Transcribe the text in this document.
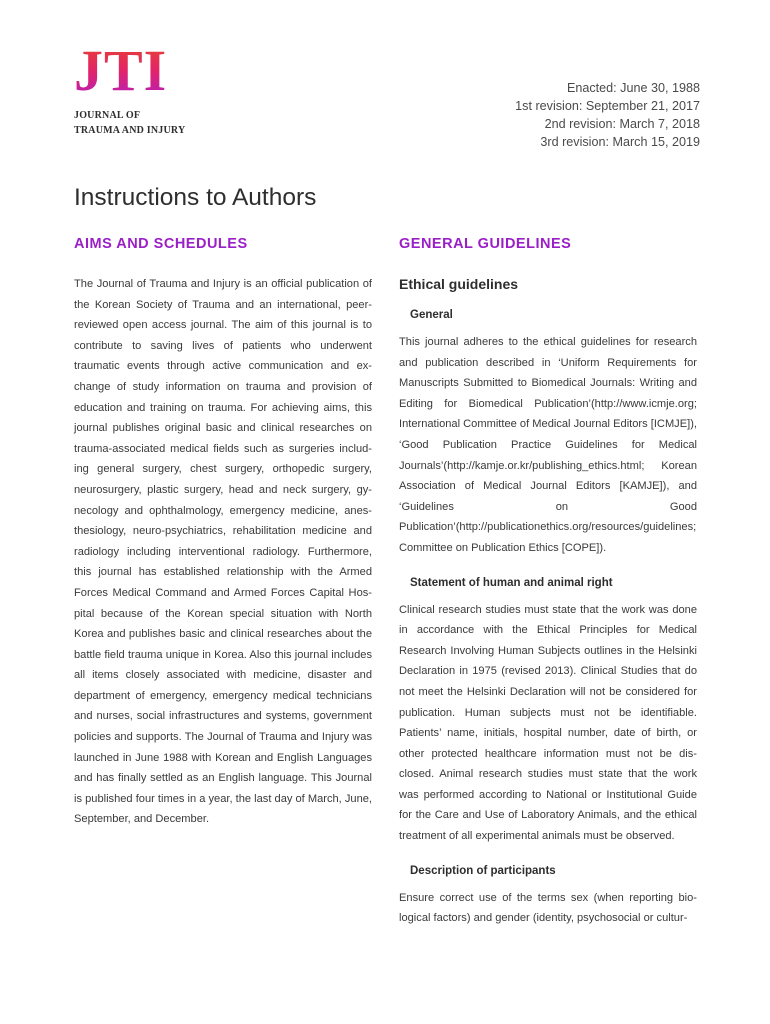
JTI
JOURNAL OF
TRAUMA AND INJURY
Enacted: June 30, 1988
1st revision: September 21, 2017
2nd revision: March 7, 2018
3rd revision: March 15, 2019
Instructions to Authors
AIMS AND SCHEDULES

The Journal of Trauma and Injury is an official publication of the Korean Society of Trauma and an international, peer-reviewed open access journal. The aim of this journal is to contribute to saving lives of patients who underwent traumatic events through active communication and exchange of study information on trauma and provision of education and training on trauma. For achieving aims, this journal publishes original basic and clinical researches on trauma-associated medical fields such as surgeries including general surgery, chest surgery, orthopedic surgery, neurosurgery, plastic surgery, head and neck surgery, gynecology and ophthalmology, emergency medicine, anesthesiology, neuro-psychiatrics, rehabilitation medicine and radiology including interventional radiology. Furthermore, this journal has established relationship with the Armed Forces Medical Command and Armed Forces Capital Hospital because of the Korean special situation with North Korea and publishes basic and clinical researches about the battle field trauma unique in Korea. Also this journal includes all items closely associated with medicine, disaster and department of emergency, emergency medical technicians and nurses, social infrastructures and systems, government policies and supports. The Journal of Trauma and Injury was launched in June 1988 with Korean and English Languages and has finally settled as an English language. This Journal is published four times in a year, the last day of March, June, September, and December.

GENERAL GUIDELINES
Ethical guidelines
General

This journal adheres to the ethical guidelines for research and publication described in ‘Uniform Requirements for Manuscripts Submitted to Biomedical Journals: Writing and Editing for Biomedical Publication’(http://www.icmje.org; International Committee of Medical Journal Editors [ICMJE]), ‘Good Publication Practice Guidelines for Medical Journals’(http://kamje.or.kr/publishing_ethics.html; Korean Association of Medical Journal Editors [KAMJE]), and ‘Guidelines on Good Publication’(http://publicationethics.org/resources/guidelines; Committee on Publication Ethics [COPE]).

Statement of human and animal right

Clinical research studies must state that the work was done in accordance with the Ethical Principles for Medical Research Involving Human Subjects outlines in the Helsinki Declaration in 1975 (revised 2013). Clinical Studies that do not meet the Helsinki Declaration will not be considered for publication. Human subjects must not be identifiable. Patients’ name, initials, hospital number, date of birth, or other protected healthcare information must not be disclosed. Animal research studies must state that the work was performed according to National or Institutional Guide for the Care and Use of Laboratory Animals, and the ethical treatment of all experimental animals must be observed.

Description of participants

Ensure correct use of the terms sex (when reporting biological factors) and gender (identity, psychosocial or cultur-
